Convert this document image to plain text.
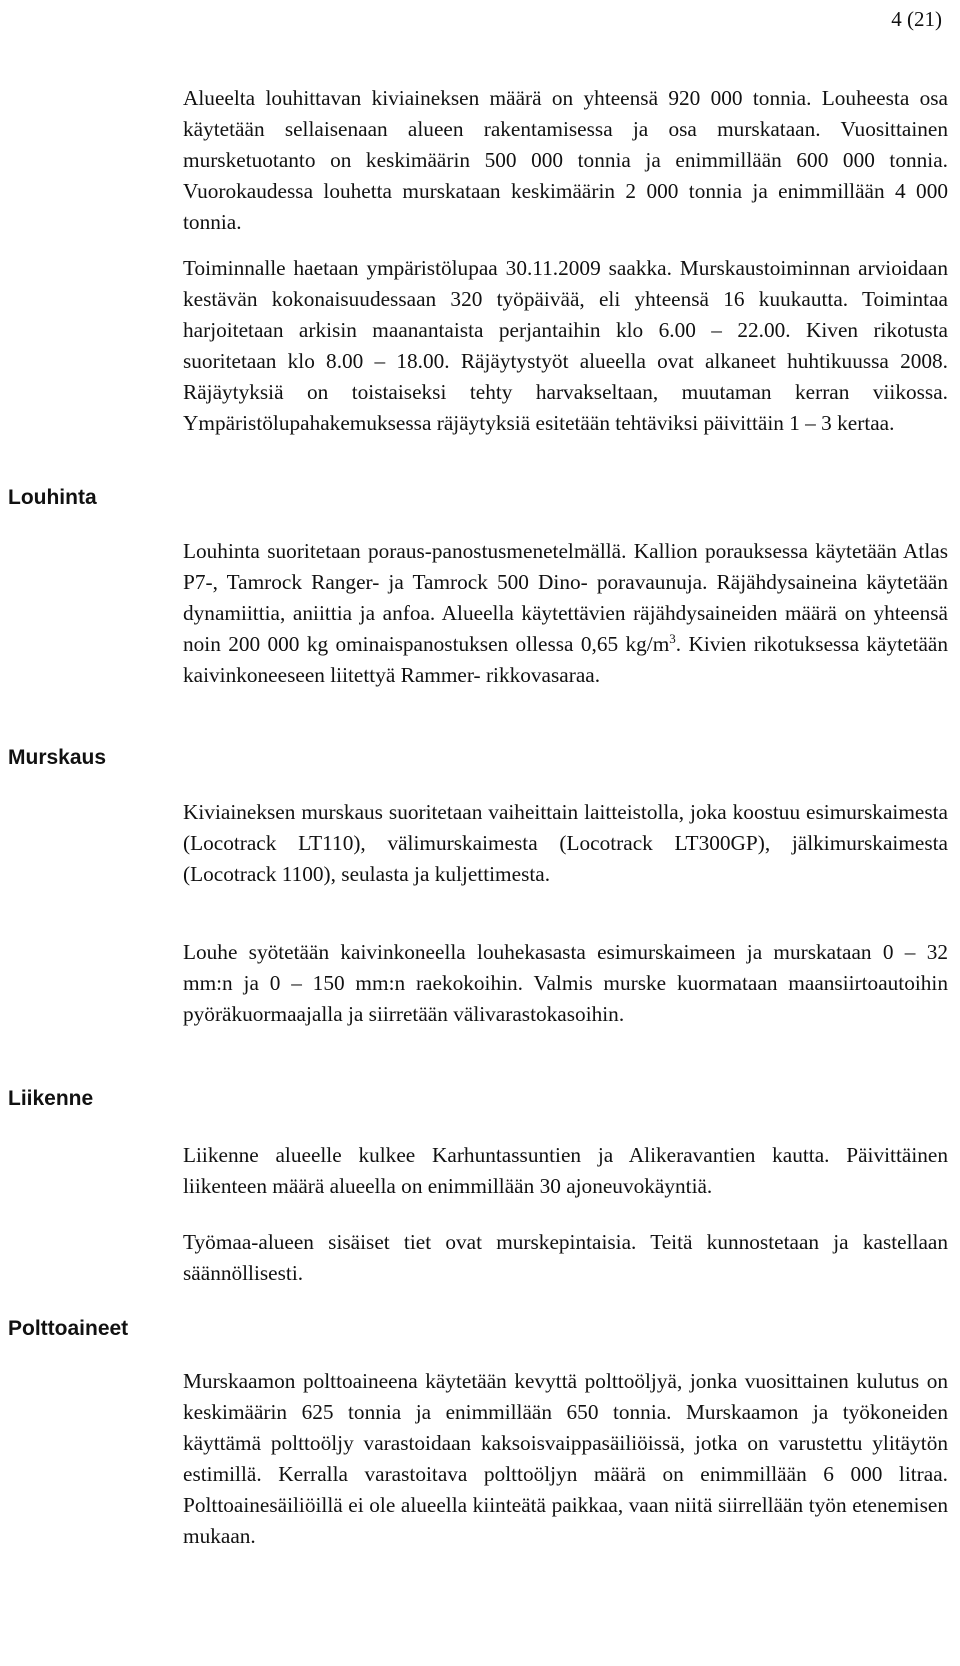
4 (21)

Alueelta louhittavan kiviaineksen määrä on yhteensä 920 000 tonnia. Louheesta osa käytetään sellaisenaan alueen rakentamisessa ja osa murskataan. Vuosittainen mursketuotanto on keskimäärin 500 000 tonnia ja enimmillään 600 000 tonnia. Vuorokaudessa louhetta murskataan keskimäärin 2 000 tonnia ja enimmillään 4 000 tonnia.

Toiminnalle haetaan ympäristölupaa 30.11.2009 saakka. Murskaustoiminnan arvioidaan kestävän kokonaisuudessaan 320 työpäivää, eli yhteensä 16 kuukautta. Toimintaa harjoitetaan arkisin maanantaista perjantaihin klo 6.00 – 22.00. Kiven rikotusta suoritetaan klo 8.00 – 18.00. Räjäytystyöt alueella ovat alkaneet huhtikuussa 2008. Räjäytyksiä on toistaiseksi tehty harvakseltaan, muutaman kerran viikossa. Ympäristölupahakemuksessa räjäytyksiä esitetään tehtäviksi päivittäin 1 – 3 kertaa.

Louhinta

Louhinta suoritetaan poraus-panostusmenetelmällä. Kallion porauksessa käytetään Atlas P7-, Tamrock Ranger- ja Tamrock 500 Dino- poravaunuja. Räjähdysaineina käytetään dynamiittia, aniittia ja anfoa. Alueella käytettävien räjähdysaineiden määrä on yhteensä noin 200 000 kg ominaispanostuksen ollessa 0,65 $kg/m^3$. Kivien rikotuksessa käytetään kaivinkoneeseen liitettyä Rammer- rikkovasaraa.

Murskaus

Kiviaineksen murskaus suoritetaan vaiheittain laitteistolla, joka koostuu esimurskaimesta (Locotrack LT110), välimurskaimesta (Locotrack LT300GP), jälkimurskaimesta (Locotrack 1100), seulasta ja kuljettimesta.

Louhe syötetään kaivinkoneella louhekasasta esimurskaimeen ja murskataan 0 – 32 mm:n ja 0 – 150 mm:n raekokoihin. Valmis murske kuormataan maansiirtoautoihin pyöräkuormaajalla ja siirretään välivarastokasoihin.

Liikenne

Liikenne alueelle kulkee Karhuntassuntien ja Alikeravantien kautta. Päivittäinen liikenteen määrä alueella on enimmillään 30 ajoneuvokäyntiä.

Työmaa-alueen sisäiset tiet ovat murskepintaisia. Teitä kunnostetaan ja kastellaan säännöllisesti.

Polttoaineet

Murskaamon polttoaineena käytetään kevyttä polttoöljyä, jonka vuosittainen kulutus on keskimäärin 625 tonnia ja enimmillään 650 tonnia. Murskaamon ja työkoneiden käyttämä polttoöljy varastoidaan kaksoisvaippasäiliöissä, jotka on varustettu ylitäytön estimillä. Kerralla varastoitava polttoöljyn määrä on enimmillään 6 000 litraa. Polttoainesäiliöillä ei ole alueella kiinteätä paikkaa, vaan niitä siirrellään työn etenemisen mukaan.
